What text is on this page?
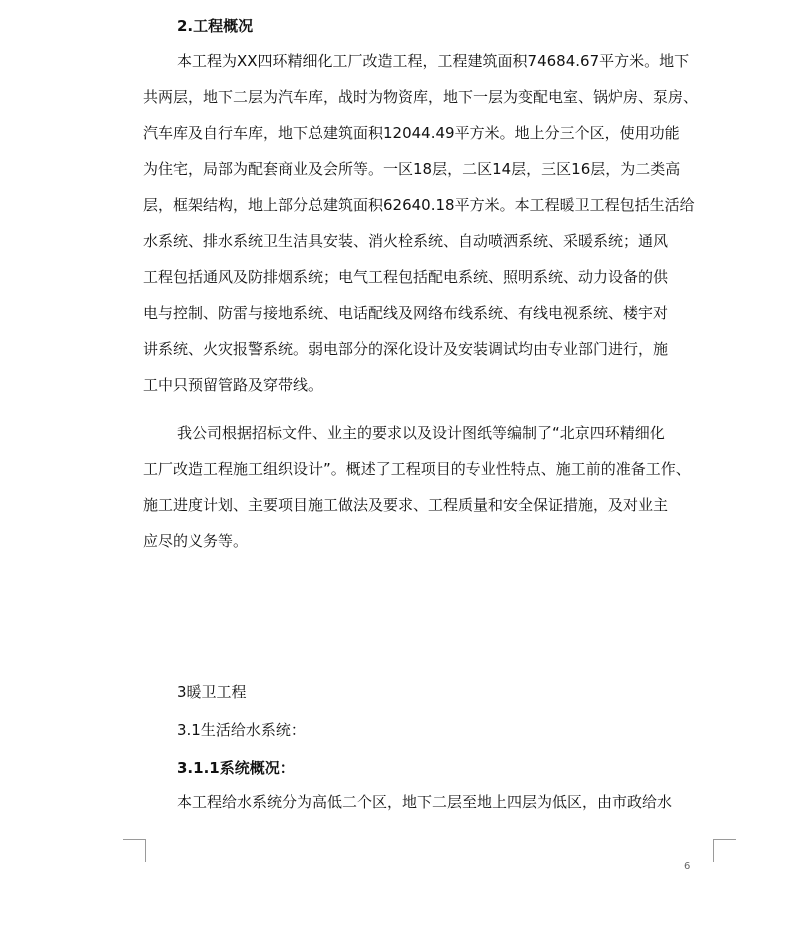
2.工程概况
本工程为XX四环精细化工厂改造工程，工程建筑面积74684.67平方米。地下
共两层，地下二层为汽车库，战时为物资库，地下一层为变配电室、锅炉房、泵房、
汽车库及自行车库，地下总建筑面积12044.49平方米。地上分三个区，使用功能
为住宅，局部为配套商业及会所等。一区18层，二区14层，三区16层，为二类高
层，框架结构，地上部分总建筑面积62640.18平方米。本工程暖卫工程包括生活给
水系统、排水系统卫生洁具安装、消火栓系统、自动喷洒系统、采暖系统；通风
工程包括通风及防排烟系统；电气工程包括配电系统、照明系统、动力设备的供
电与控制、防雷与接地系统、电话配线及网络布线系统、有线电视系统、楼宇对
讲系统、火灾报警系统。弱电部分的深化设计及安装调试均由专业部门进行，施
工中只预留管路及穿带线。
我公司根据招标文件、业主的要求以及设计图纸等编制了“北京四环精细化
工厂改造工程施工组织设计”。概述了工程项目的专业性特点、施工前的准备工作、
施工进度计划、主要项目施工做法及要求、工程质量和安全保证措施，及对业主
应尽的义务等。
3暖卫工程
3.1生活给水系统：
3.1.1系统概况：
本工程给水系统分为高低二个区，地下二层至地上四层为低区，由市政给水
6
